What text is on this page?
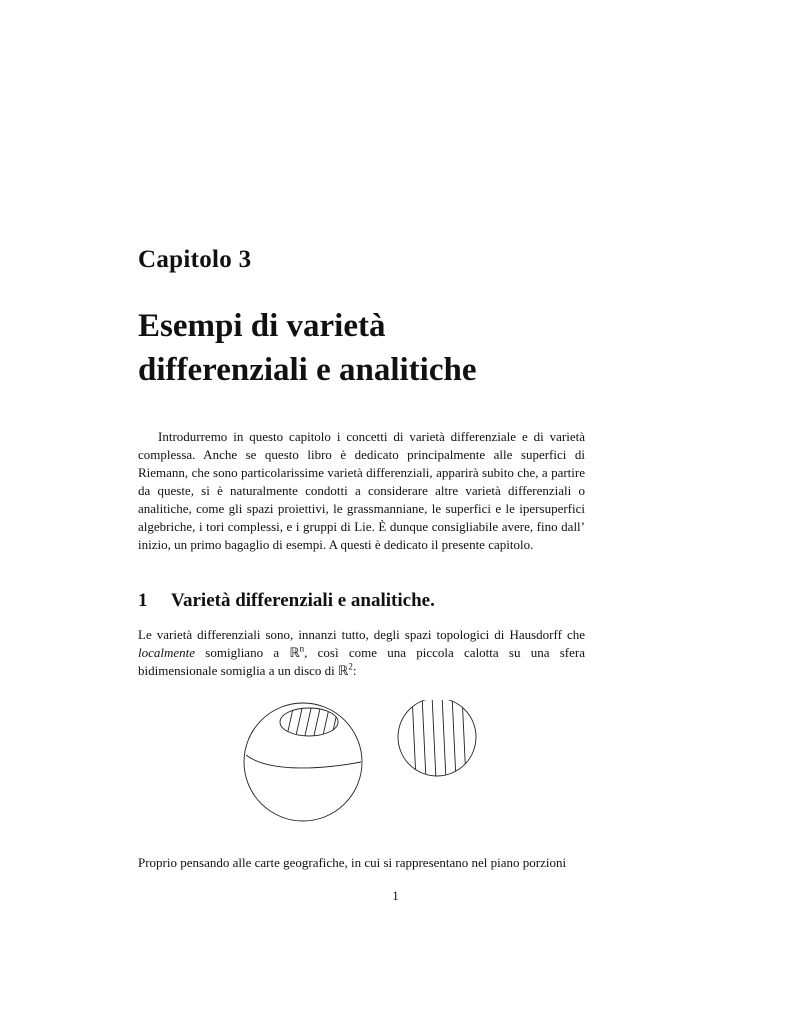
Capitolo 3
Esempi di varietà
differenziali e analitiche
Introdurremo in questo capitolo i concetti di varietà differenziale e di varietà complessa. Anche se questo libro è dedicato principalmente alle superfici di Riemann, che sono particolarissime varietà differenziali, apparirà subito che, a partire da queste, si è naturalmente condotti a considerare altre varietà differenziali o analitiche, come gli spazi proiettivi, le grassmanniane, le superfici e le ipersuperfici algebriche, i tori complessi, e i gruppi di Lie. È dunque consigliabile avere, fino dall’ inizio, un primo bagaglio di esempi. A questi è dedicato il presente capitolo.
1 Varietà differenziali e analitiche.
Le varietà differenziali sono, innanzi tutto, degli spazi topologici di Hausdorff che localmente somigliano a ℝ$^n$, così come una piccola calotta su una sfera bidimensionale somiglia a un disco di ℝ$^2$:
Proprio pensando alle carte geografiche, in cui si rappresentano nel piano porzioni
1
